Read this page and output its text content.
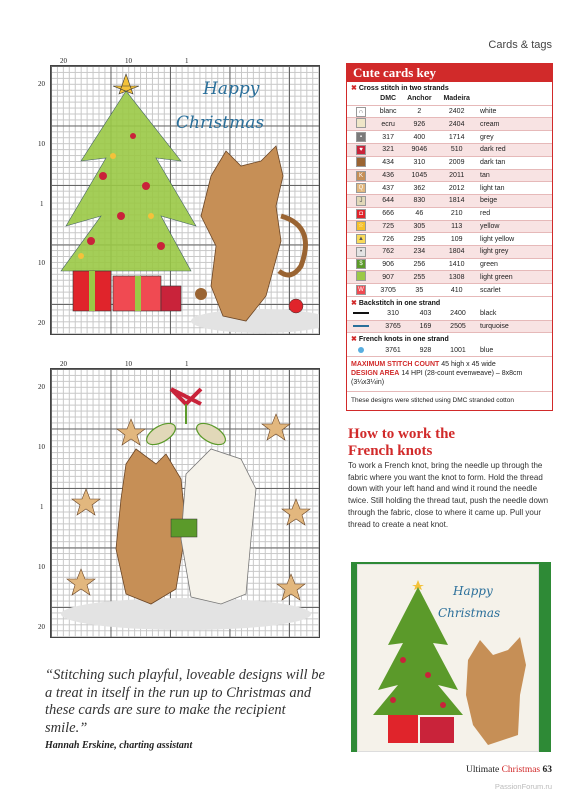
Cards & tags
20	10	1
20
10
1
10
20
Happy
Christmas
20	10	1
20
10
1
10
20
Cute cards key
✖ Cross stitch in two strands
	DMC	Anchor	Madeira	
∩	blanc	2	2402	white
	ecru	926	2404	cream
▪	317	400	1714	grey
♥	321	9046	510	dark red
	434	310	2009	dark tan
K	436	1045	2011	tan
Q	437	362	2012	light tan
J	644	830	1814	beige
◘	666	46	210	red
☆	725	305	113	yellow
▲	726	295	109	light yellow
•	762	234	1804	light grey
$	906	256	1410	green
	907	255	1308	light green
W	3705	35	410	scarlet
✖ Backstitch in one strand
	310	403	2400	black
	3765	169	2505	turquoise
✖ French knots in one strand
	3761	928	1001	blue
MAXIMUM STITCH COUNT 45 high x 45 wide
DESIGN AREA 14 HPI (28-count evenweave) – 8x8cm (3¼x3¼in)
These designs were stitched using DMC stranded cotton
How to work the
French knots
To work a French knot, bring the needle up through the fabric where you want the knot to form. Hold the thread down with your left hand and wind it round the needle twice. Still holding the thread taut, push the needle down through the fabric, close to where it came up. Pull your thread to create a neat knot.
Happy
Christmas
“Stitching such playful, loveable designs will be a treat in itself in the run up to Christmas and these cards are sure to make the recipient smile.”
Hannah Erskine, charting assistant
Ultimate Christmas 63
PassionForum.ru
